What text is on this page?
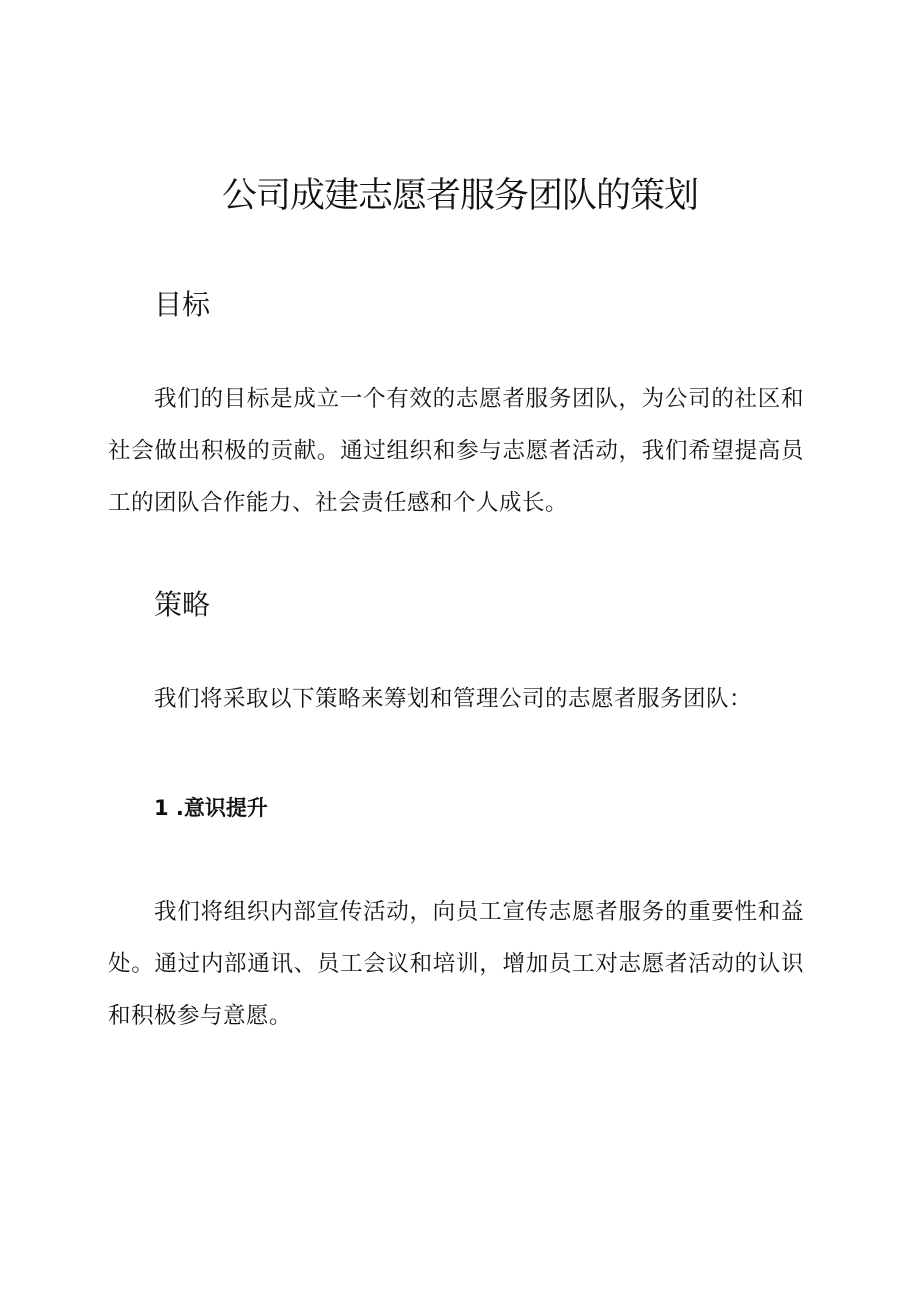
公司成建志愿者服务团队的策划
目标

我们的目标是成立一个有效的志愿者服务团队，为公司的社区和社会做出积极的贡献。通过组织和参与志愿者活动，我们希望提高员工的团队合作能力、社会责任感和个人成长。

策略

我们将采取以下策略来筹划和管理公司的志愿者服务团队：

1 .意识提升

我们将组织内部宣传活动，向员工宣传志愿者服务的重要性和益处。通过内部通讯、员工会议和培训，增加员工对志愿者活动的认识和积极参与意愿。
